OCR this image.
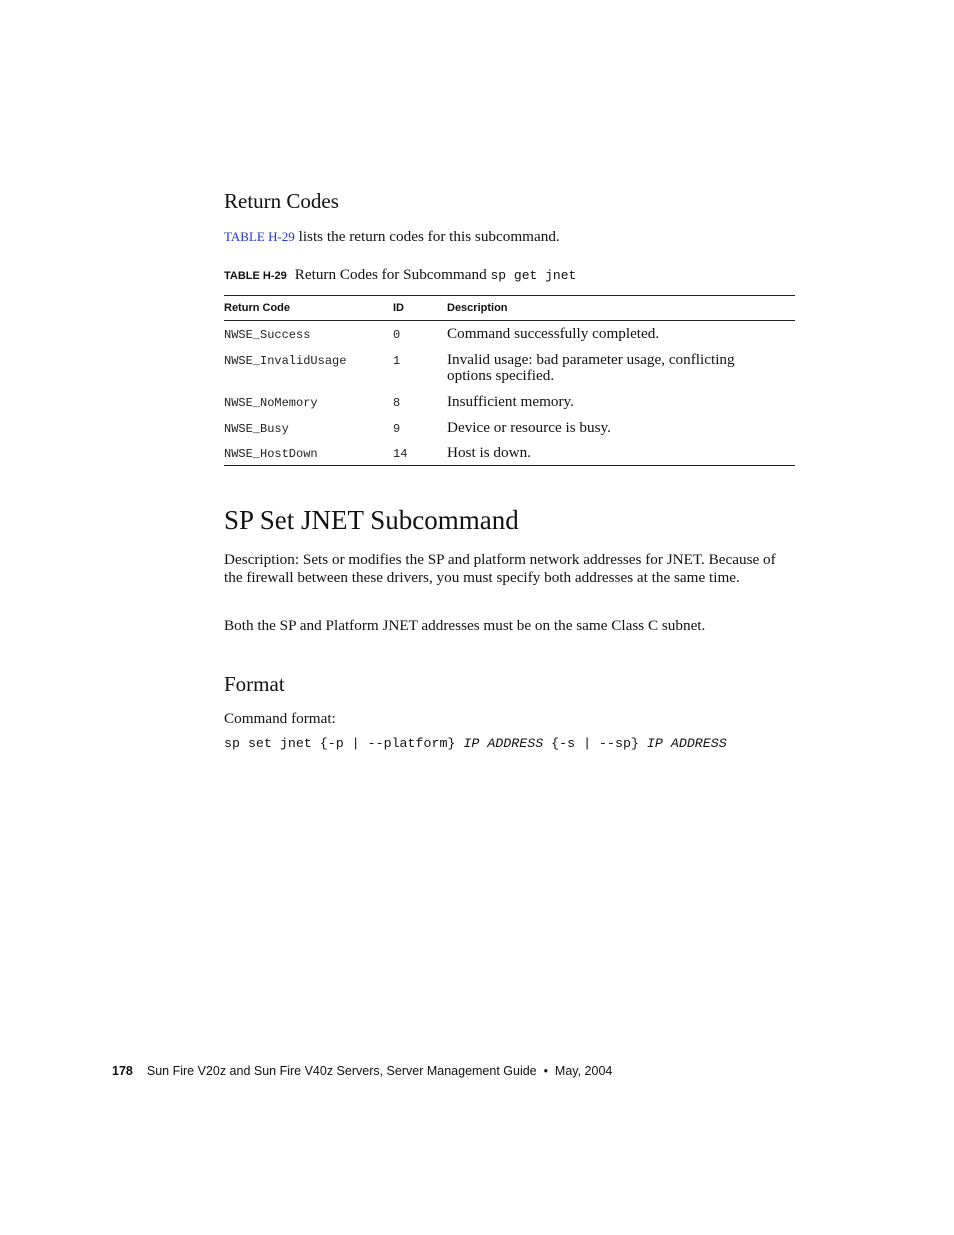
Return Codes

TABLE H-29 lists the return codes for this subcommand.

TABLE H-29 Return Codes for Subcommand sp get jnet
Return Code	ID	Description
NWSE_Success	0	Command successfully completed.
NWSE_InvalidUsage	1	Invalid usage: bad parameter usage, conflicting options specified.
NWSE_NoMemory	8	Insufficient memory.
NWSE_Busy	9	Device or resource is busy.
NWSE_HostDown	14	Host is down.
SP Set JNET Subcommand

Description: Sets or modifies the SP and platform network addresses for JNET. Because of the firewall between these drivers, you must specify both addresses at the same time.

Both the SP and Platform JNET addresses must be on the same Class C subnet.

Format

Command format:

sp set jnet {-p | --platform} IP ADDRESS {-s | --sp} IP ADDRESS
178 Sun Fire V20z and Sun Fire V40z Servers, Server Management Guide  •  May, 2004
